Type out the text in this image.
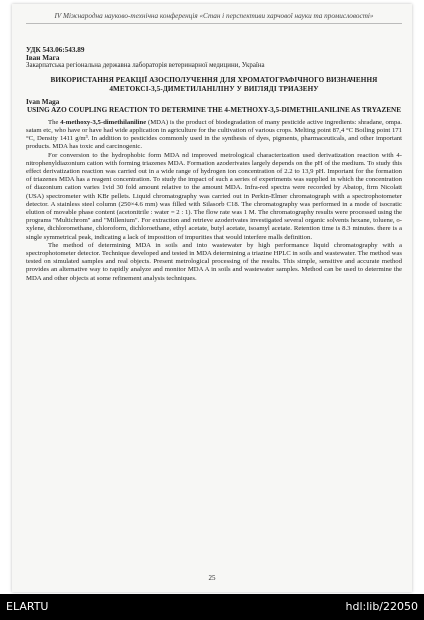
IV Міжнародна науково-технічна конференція «Стан і перспективи харчової науки та промисловості»
УДК 543.06:543.89
Іван Мага
Закарпатська регіональна державна лабораторія ветеринарної медицини, Україна
ВИКОРИСТАННЯ РЕАКЦІЇ АЗОСПОЛУЧЕННЯ ДЛЯ ХРОМАТОГРАФІЧНОГО ВИЗНАЧЕННЯ 4МЕТОКСІ-3,5-ДИМЕТИЛАНІЛІНУ У ВИГЛЯДІ ТРИАЗЕНУ
Ivan Maga
USING AZO COUPLING REACTION TO DETERMINE THE 4-METHOXY-3,5-DIMETHILANILINE AS TRYAZENE

The 4-methoxy-3,5-dimethilaniline (MDA) is the product of biodegradation of many pesticide active ingredients: shradane, ompa. satam etc, who have or have had wide application in agriculture for the cultivation of various crops. Melting point 87,4 °C Boiling point 171 °C, Density 1411 g/m³. In addition to pesticides commonly used in the synthesis of dyes, pigments, pharmaceuticals, and other important products. MDA has toxic and carcinogenic.

For conversion to the hydrophobic form MDA nd improved metrological characterization used derivatization reaction with 4-nitrophenyldiazonium cation with forming triazenes MDA. Formation azoderivates largely depends on the pH of the medium. To study this effect derivatization reaction was carried out in a wide range of hydrogen ion concentration of 2.2 to 13,9 pH. Important for the formation of triazenes MDA has a reagent concentration. To study the impact of such a series of experiments was supplied in which the concentration of diazonium cation varies 1vid 30 fold amount relative to the amount MDA. Infra-red spectra were recorded by Abatop, firm Nicolatt (USA) spectrometer with KBr pellets. Liquid chromatography was carried out in Perkin-Elmer chromatograph with a spectrophotometer detector. A stainless steel column (250×4.6 mm) was filled with Silasorb C18. The chromatography was performed in a mode of isocratic elution of movable phase content (acetonitrile : water = 2 : 1). The flow rate was 1 M. The chromatography results were processed using the programs "Multichrom" and "Millenium". For extraction and retrieve azoderivates investigated several organic solvents hexane, toluene, o-xylene, dichloromethane, chloroform, dichloroethane, ethyl acetate, butyl acetate, isoamyl acetate. Retention time is 8.3 minutes. there is a single symmetrical peak, indicating a lack of imposition of impurities that would interfere malls definition.

The method of determining MDA in soils and into wastewater by high performance liquid chromatography with a spectrophotometer detector. Technique developed and tested in MDA determining a triazine HPLC in soils and wastewater. The method was tested on simulated samples and real objects. Present metrological processing of the results. This simple, sensitive and accurate method provides an alternative way to rapidly analyze and monitor MDA A in soils and wastewater samples. Method can be used to determine the MDA and other objects at some refinement analysis techniques.

25
ELARTU	hdl:lib/22050
